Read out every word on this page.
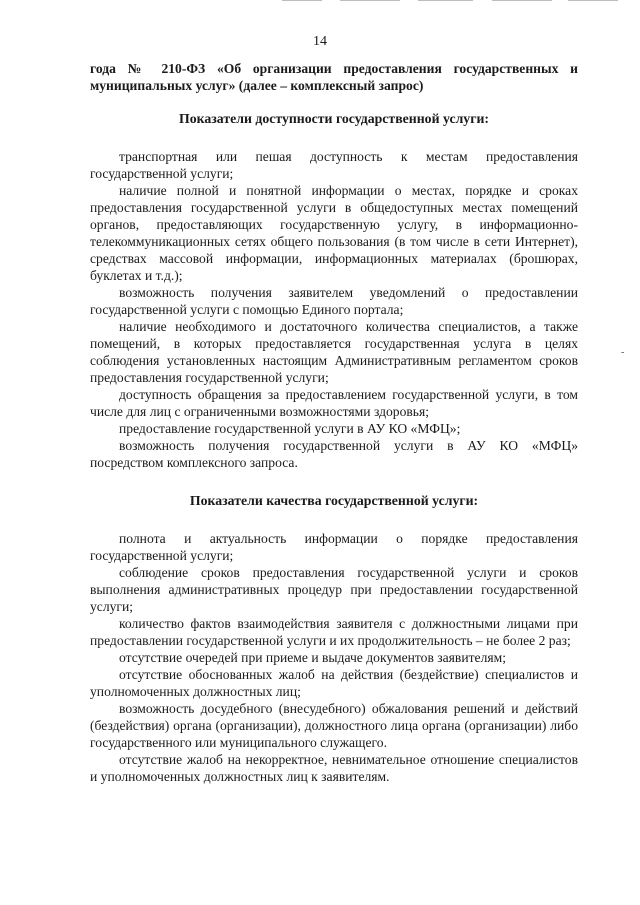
14

года № 210-ФЗ «Об организации предоставления государственных и муниципальных услуг» (далее – комплексный запрос)

Показатели доступности государственной услуги:

транспортная или пешая доступность к местам предоставления государственной услуги;

наличие полной и понятной информации о местах, порядке и сроках предоставления государственной услуги в общедоступных местах помещений органов, предоставляющих государственную услугу, в информационно-телекоммуникационных сетях общего пользования (в том числе в сети Интернет), средствах массовой информации, информационных материалах (брошюрах, буклетах и т.д.);

возможность получения заявителем уведомлений о предоставлении государственной услуги с помощью Единого портала;

наличие необходимого и достаточного количества специалистов, а также помещений, в которых предоставляется государственная услуга в целях соблюдения установленных настоящим Административным регламентом сроков предоставления государственной услуги;

доступность обращения за предоставлением государственной услуги, в том числе для лиц с ограниченными возможностями здоровья;

предоставление государственной услуги в АУ КО «МФЦ»;

возможность получения государственной услуги в АУ КО «МФЦ» посредством комплексного запроса.

Показатели качества государственной услуги:

полнота и актуальность информации о порядке предоставления государственной услуги;

соблюдение сроков предоставления государственной услуги и сроков выполнения административных процедур при предоставлении государственной услуги;

количество фактов взаимодействия заявителя с должностными лицами при предоставлении государственной услуги и их продолжительность – не более 2 раз;

отсутствие очередей при приеме и выдаче документов заявителям;

отсутствие обоснованных жалоб на действия (бездействие) специалистов и уполномоченных должностных лиц;

возможность досудебного (внесудебного) обжалования решений и действий (бездействия) органа (организации), должностного лица органа (организации) либо государственного или муниципального служащего.

отсутствие жалоб на некорректное, невнимательное отношение специалистов и уполномоченных должностных лиц к заявителям.

-
